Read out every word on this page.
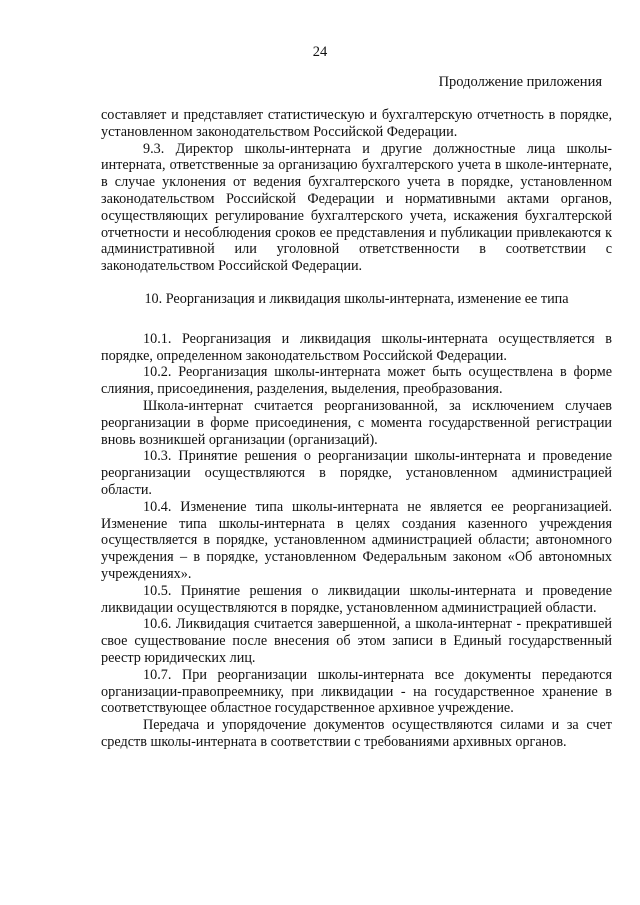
24
Продолжение приложения

составляет и представляет статистическую и бухгалтерскую отчетность в порядке, установленном законодательством Российской Федерации.

9.3. Директор школы-интерната и другие должностные лица школы-интерната, ответственные за организацию бухгалтерского учета в школе-интернате, в случае уклонения от ведения бухгалтерского учета в порядке, установленном законодательством Российской Федерации и нормативными актами органов, осуществляющих регулирование бухгалтерского учета, искажения бухгалтерской отчетности и несоблюдения сроков ее представления и публикации привлекаются к административной или уголовной ответственности в соответствии с законодательством Российской Федерации.

10. Реорганизация и ликвидация школы-интерната, изменение ее типа

10.1. Реорганизация и ликвидация школы-интерната осуществляется в порядке, определенном законодательством Российской Федерации.

10.2. Реорганизация школы-интерната может быть осуществлена в форме слияния, присоединения, разделения, выделения, преобразования.

Школа-интернат считается реорганизованной, за исключением случаев реорганизации в форме присоединения, с момента государственной регистрации вновь возникшей организации (организаций).

10.3. Принятие решения о реорганизации школы-интерната и проведение реорганизации осуществляются в порядке, установленном администрацией области.

10.4. Изменение типа школы-интерната не является ее реорганизацией. Изменение типа школы-интерната в целях создания казенного учреждения осуществляется в порядке, установленном администрацией области; автономного учреждения – в порядке, установленном Федеральным законом «Об автономных учреждениях».

10.5. Принятие решения о ликвидации школы-интерната и проведение ликвидации осуществляются в порядке, установленном администрацией области.

10.6. Ликвидация считается завершенной, а школа-интернат - прекратившей свое существование после внесения об этом записи в Единый государственный реестр юридических лиц.

10.7. При реорганизации школы-интерната все документы передаются организации-правопреемнику, при ликвидации - на государственное хранение в соответствующее областное государственное архивное учреждение.

Передача и упорядочение документов осуществляются силами и за счет средств школы-интерната в соответствии с требованиями архивных органов.
